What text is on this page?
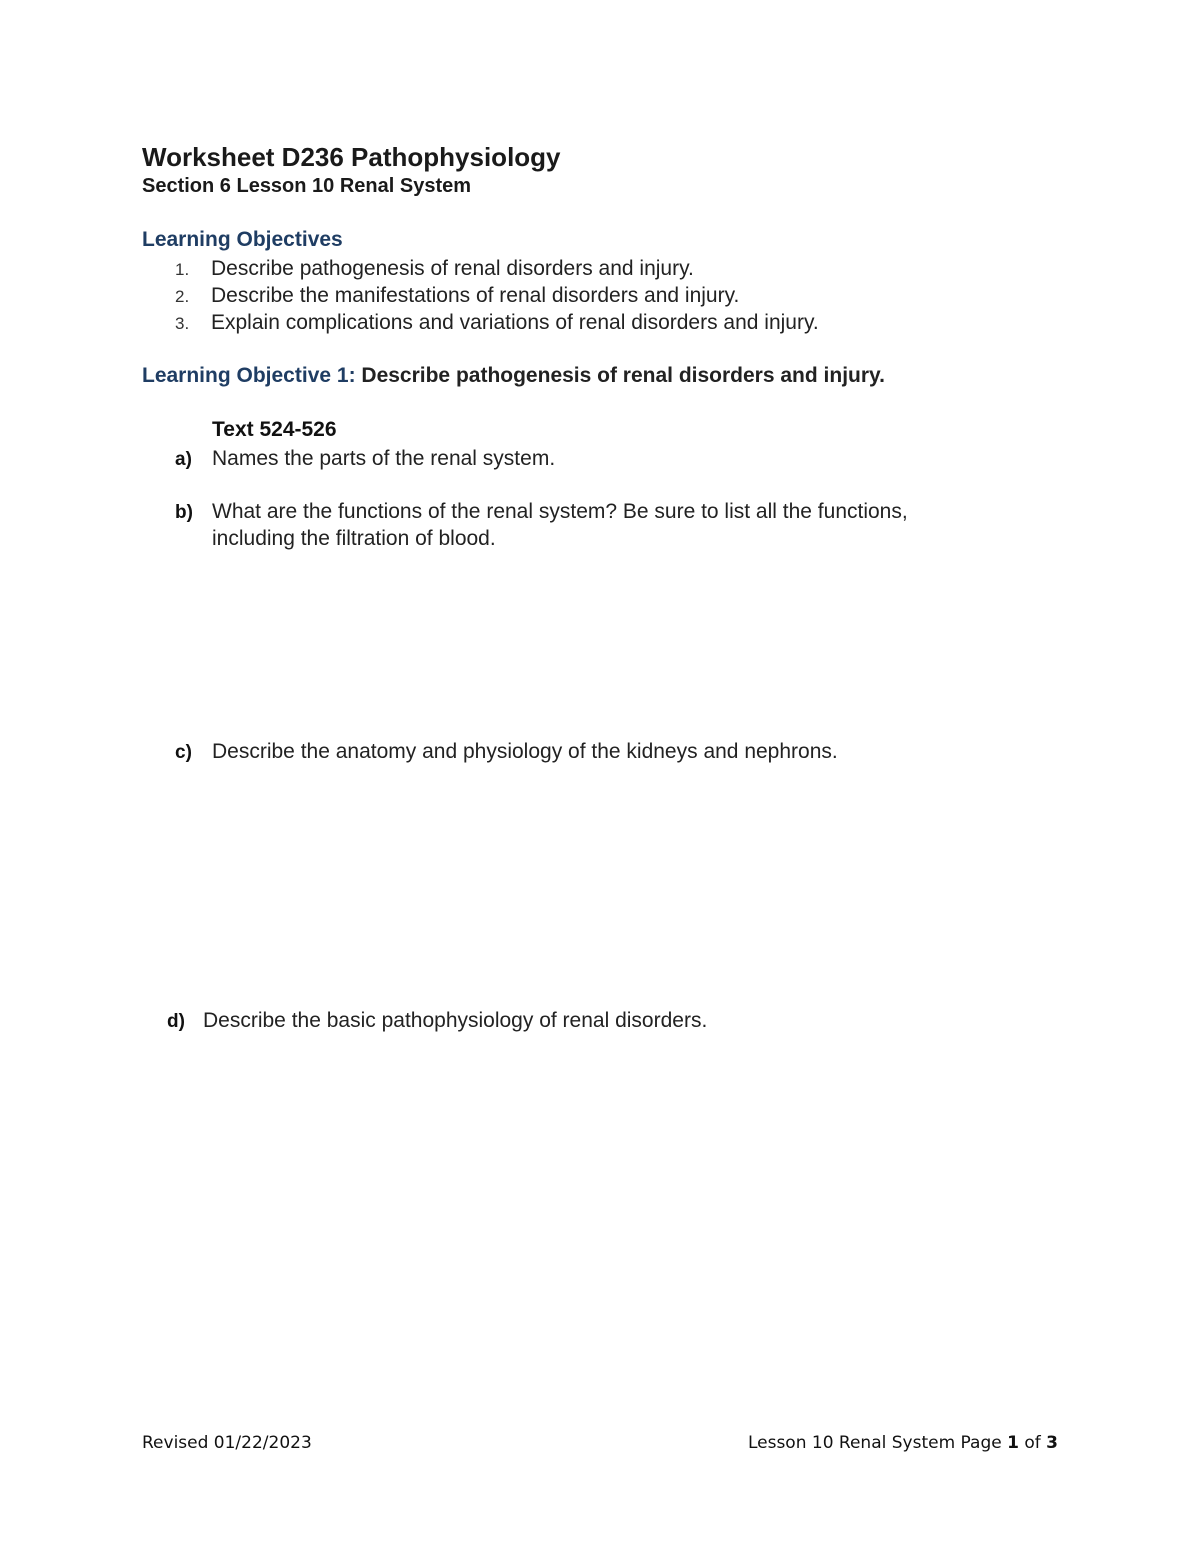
Worksheet D236 Pathophysiology
Section 6 Lesson 10 Renal System
Learning Objectives
1. Describe pathogenesis of renal disorders and injury.
2. Describe the manifestations of renal disorders and injury.
3. Explain complications and variations of renal disorders and injury.
Learning Objective 1: Describe pathogenesis of renal disorders and injury.
Text 524-526
a) Names the parts of the renal system.
b) What are the functions of the renal system? Be sure to list all the functions,
including the filtration of blood.
c) Describe the anatomy and physiology of the kidneys and nephrons.
d) Describe the basic pathophysiology of renal disorders.
Revised 01/22/2023	Lesson 10 Renal System Page 1 of 3
